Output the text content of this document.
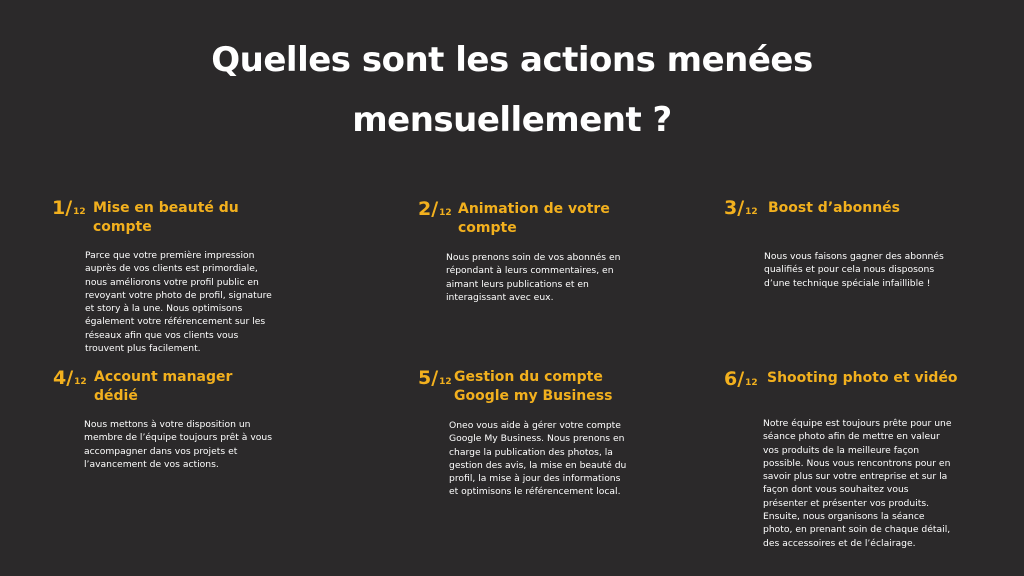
Quelles sont les actions menées
mensuellement ?
1/12 Mise en beauté du
compte
Parce que votre première impression auprès de vos clients est primordiale, nous améliorons votre profil public en revoyant votre photo de profil, signature et story à la une. Nous optimisons également votre référencement sur les réseaux afin que vos clients vous trouvent plus facilement.
2/12 Animation de votre
compte
Nous prenons soin de vos abonnés en répondant à leurs commentaires, en aimant leurs publications et en interagissant avec eux.
3/12 Boost d’abonnés
Nous vous faisons gagner des abonnés qualifiés et pour cela nous disposons d’une technique spéciale infaillible !
4/12 Account manager
dédié
Nous mettons à votre disposition un membre de l’équipe toujours prêt à vous accompagner dans vos projets et l’avancement de vos actions.
5/12 Gestion du compte
Google my Business
Oneo vous aide à gérer votre compte Google My Business. Nous prenons en charge la publication des photos, la gestion des avis, la mise en beauté du profil, la mise à jour des informations et optimisons le référencement local.
6/12 Shooting photo et vidéo
Notre équipe est toujours prête pour une séance photo afin de mettre en valeur vos produits de la meilleure façon possible. Nous vous rencontrons pour en savoir plus sur votre entreprise et sur la façon dont vous souhaitez vous présenter et présenter vos produits. Ensuite, nous organisons la séance photo, en prenant soin de chaque détail, des accessoires et de l’éclairage.
